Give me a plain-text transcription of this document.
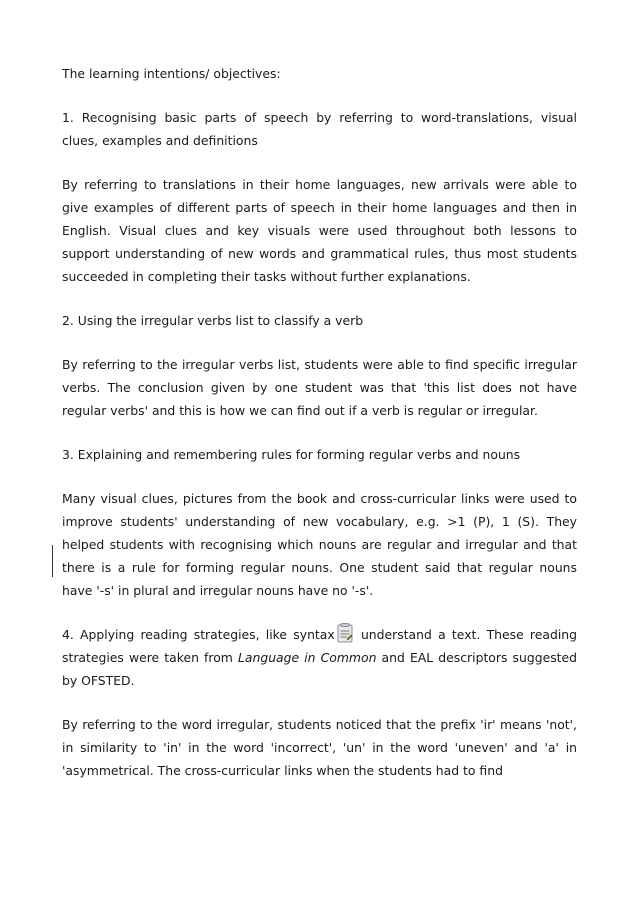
The learning intentions/ objectives:

1. Recognising basic parts of speech by referring to word-translations, visual clues, examples and definitions

By referring to translations in their home languages, new arrivals were able to give examples of different parts of speech in their home languages and then in English. Visual clues and key visuals were used throughout both lessons to support understanding of new words and grammatical rules, thus most students succeeded in completing their tasks without further explanations.

2. Using the irregular verbs list to classify a verb

By referring to the irregular verbs list, students were able to find specific irregular verbs. The conclusion given by one student was that 'this list does not have regular verbs' and this is how we can find out if a verb is regular or irregular.

3. Explaining and remembering rules for forming regular verbs and nouns

Many visual clues, pictures from the book and cross-curricular links were used to improve students' understanding of new vocabulary, e.g. >1 (P), 1 (S). They helped students with recognising which nouns are regular and irregular and that there is a rule for forming regular nouns. One student said that regular nouns have '-s' in plural and irregular nouns have no '-s'.

4. Applying reading strategies, like syntax understand a text. These reading strategies were taken from Language in Common and EAL descriptors suggested by OFSTED.

By referring to the word irregular, students noticed that the prefix 'ir' means 'not', in similarity to 'in' in the word 'incorrect', 'un' in the word 'uneven' and 'a' in 'asymmetrical. The cross-curricular links when the students had to find
